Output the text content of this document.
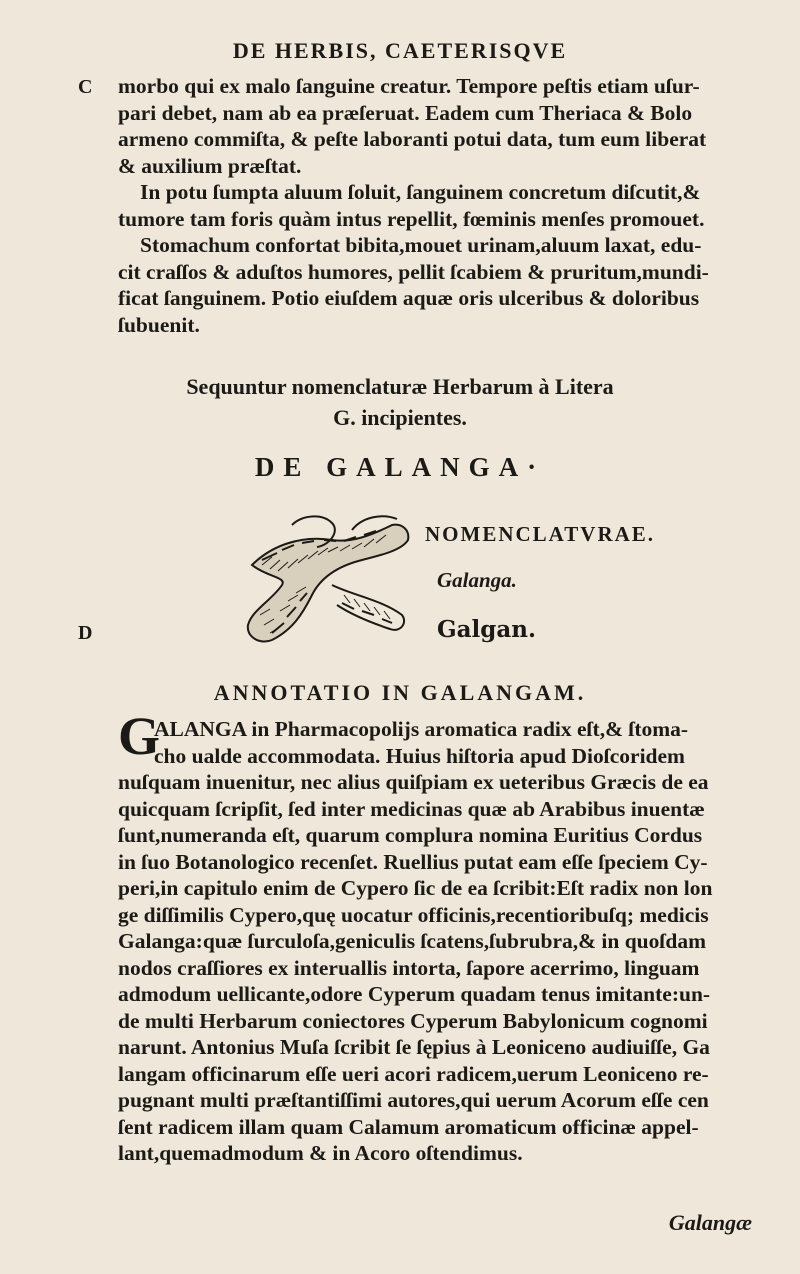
DE HERBIS, CAETERISQVE
C
D
morbo qui ex malo ſanguine creatur. Tempore peſtis etiam uſur-
pari debet, nam ab ea præſeruat. Eadem cum Theriaca & Bolo
armeno commiſta, & peſte laboranti potui data, tum eum liberat
& auxilium præſtat.
In potu ſumpta aluum ſoluit, ſanguinem concretum diſcutit,&
tumore tam foris quàm intus repellit, fœminis menſes promouet.
Stomachum confortat bibita,mouet urinam,aluum laxat, edu-
cit craſſos & aduſtos humores, pellit ſcabiem & pruritum,mundi-
ficat ſanguinem. Potio eiuſdem aquæ oris ulceribus & doloribus
ſubuenit.
Sequuntur nomenclaturæ Herbarum à Litera
G. incipientes.
DE GALANGA·
NOMENCLATVRAE.
Galanga.
Galgan.
ANNOTATIO IN GALANGAM.
G
ALANGA in Pharmacopolijs aromatica radix eſt,& ſtoma-
cho ualde accommodata. Huius hiſtoria apud Dioſcoridem
nuſquam inuenitur, nec alius quiſpiam ex ueteribus Græcis de ea
quicquam ſcripſit, ſed inter medicinas quæ ab Arabibus inuentæ
ſunt,numeranda eſt, quarum complura nomina Euritius Cordus
in ſuo Botanologico recenſet. Ruellius putat eam eſſe ſpeciem Cy-
peri,in capitulo enim de Cypero ſic de ea ſcribit:Eſt radix non lon
ge diſſimilis Cypero,quę uocatur officinis,recentioribuſq; medicis
Galanga:quæ ſurculoſa,geniculis ſcatens,ſubrubra,& in quoſdam
nodos craſſiores ex interuallis intorta, ſapore acerrimo, linguam
admodum uellicante,odore Cyperum quadam tenus imitante:un-
de multi Herbarum coniectores Cyperum Babylonicum cognomi
narunt. Antonius Muſa ſcribit ſe ſępius à Leoniceno audiuiſſe, Ga
langam officinarum eſſe ueri acori radicem,uerum Leoniceno re-
pugnant multi præſtantiſſimi autores,qui uerum Acorum eſſe cen
ſent radicem illam quam Calamum aromaticum officinæ appel-
lant,quemadmodum & in Acoro oſtendimus.
Galangæ
